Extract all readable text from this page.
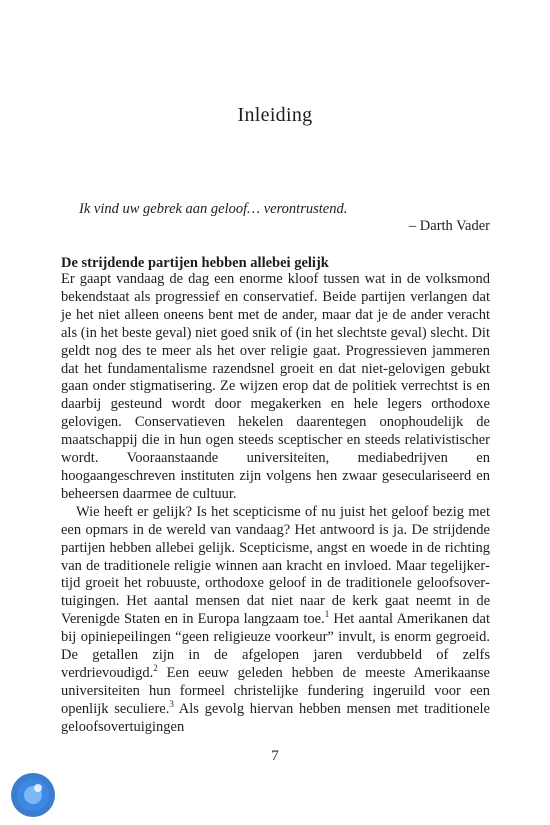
Inleiding
Ik vind uw gebrek aan geloof… verontrustend.
– Darth Vader
De strijdende partijen hebben allebei gelijk

Er gaapt vandaag de dag een enorme kloof tussen wat in de volksmond bekendstaat als progressief en conservatief. Beide partijen verlangen dat je het niet alleen oneens bent met de ander, maar dat je de ander veracht als (in het beste geval) niet goed snik of (in het slechtste geval) slecht. Dit geldt nog des te meer als het over religie gaat. Progressieven jammeren dat het fundamentalisme razendsnel groeit en dat niet-gelovigen gebukt gaan onder stigmatisering. Ze wijzen erop dat de politiek verrechtst is en daarbij gesteund wordt door megakerken en hele legers orthodoxe gelovigen. Conservatieven hekelen daarentegen onophoudelijk de maatschappij die in hun ogen steeds sceptischer en steeds relativistischer wordt. Vooraanstaande universiteiten, mediabedrijven en hoogaangeschreven instituten zijn volgens hen zwaar geseculariseerd en beheersen daarmee de cultuur.

Wie heeft er gelijk? Is het scepticisme of nu juist het geloof bezig met een opmars in de wereld van vandaag? Het antwoord is ja. De strijdende partijen hebben allebei gelijk. Scepticisme, angst en woede in de richting van de traditionele religie winnen aan kracht en invloed. Maar tegelijkertijd groeit het robuuste, orthodoxe geloof in de traditionele geloofsovertuigingen. Het aantal mensen dat niet naar de kerk gaat neemt in de Verenigde Staten en in Europa langzaam toe.$^1$ Het aantal Amerikanen dat bij opiniepeilingen “geen religieuze voorkeur” invult, is enorm gegroeid. De getallen zijn in de afgelopen jaren verdubbeld of zelfs verdrievoudigd.$^2$ Een eeuw geleden hebben de meeste Amerikaanse universiteiten hun formeel christelijke fundering ingeruild voor een openlijk seculiere.$^3$ Als gevolg hiervan hebben mensen met traditionele geloofsovertuigingen

7
